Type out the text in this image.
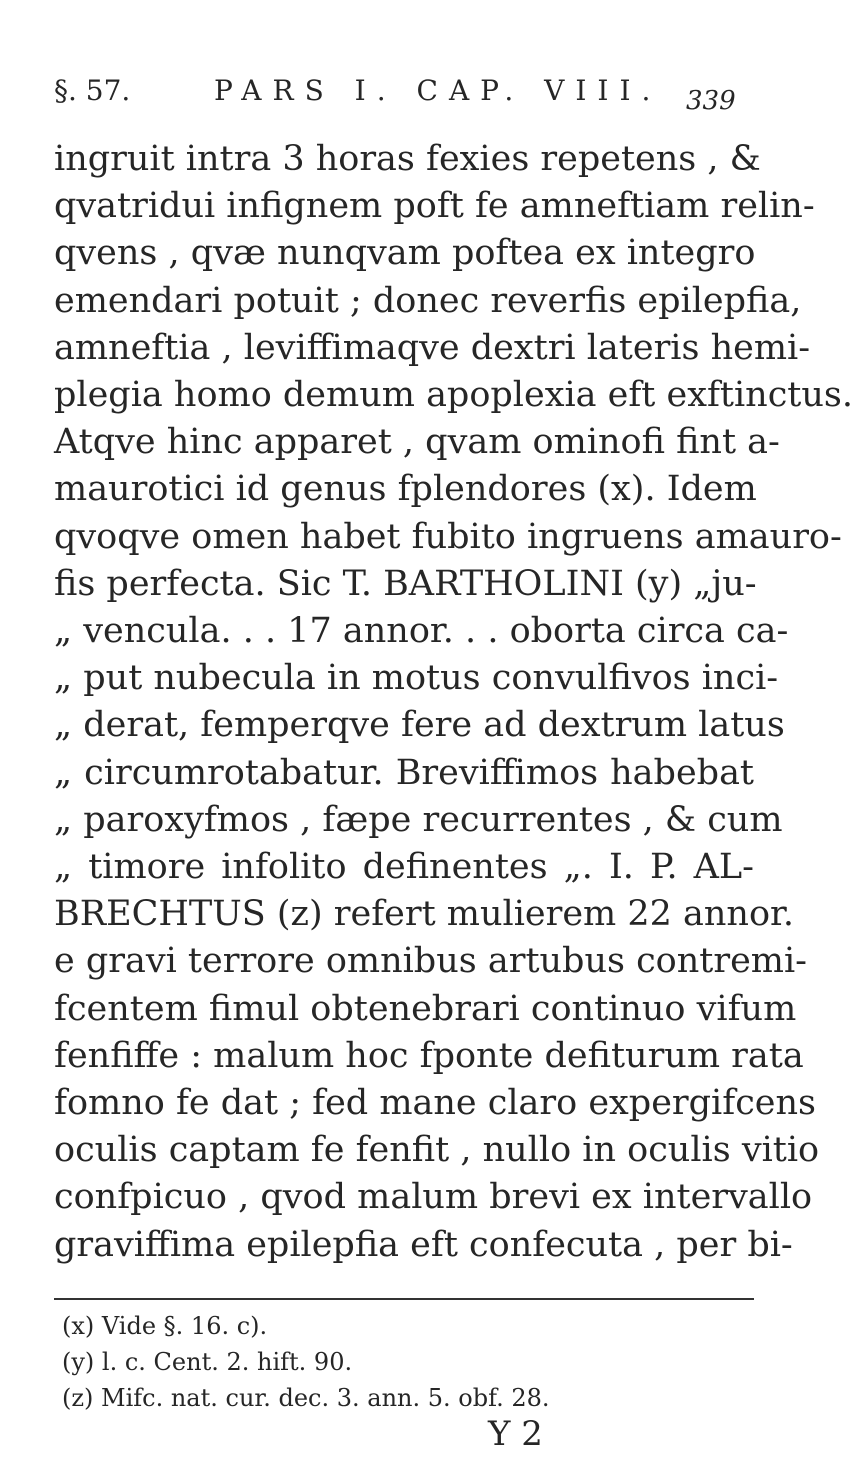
§. 57.	PARS I. CAP. VIII. 339
ingruit intra 3 horas fexies repetens , &
qvatridui infignem poft fe amneftiam relin-
qvens , qvæ nunqvam poftea ex integro
emendari potuit ; donec reverfis epilepfia,
amneftia , leviffimaqve dextri lateris hemi-
plegia homo demum apoplexia eft exftinctus.
Atqve hinc apparet , qvam ominofi fint a-
maurotici id genus fplendores (x). Idem
qvoqve omen habet fubito ingruens amauro-
fis perfecta. Sic T. BARTHOLINI (y) „ju-
„ vencula. . . 17 annor. . . oborta circa ca-
„ put nubecula in motus convulfivos inci-
„ derat, femperqve fere ad dextrum latus
„ circumrotabatur. Breviffimos habebat
„ paroxyfmos , fæpe recurrentes , & cum
„ timore infolito definentes „. I. P. AL-
BRECHTUS (z) refert mulierem 22 annor.
e gravi terrore omnibus artubus contremi-
fcentem fimul obtenebrari continuo vifum
fenfiffe : malum hoc fponte defiturum rata
fomno fe dat ; fed mane claro expergifcens
oculis captam fe fenfit , nullo in oculis vitio
confpicuo , qvod malum brevi ex intervallo
graviffima epilepfia eft confecuta , per bi-
(x) Vide §. 16. c).
(y) l. c. Cent. 2. hift. 90.
(z) Mifc. nat. cur. dec. 3. ann. 5. obf. 28.
Y 2
